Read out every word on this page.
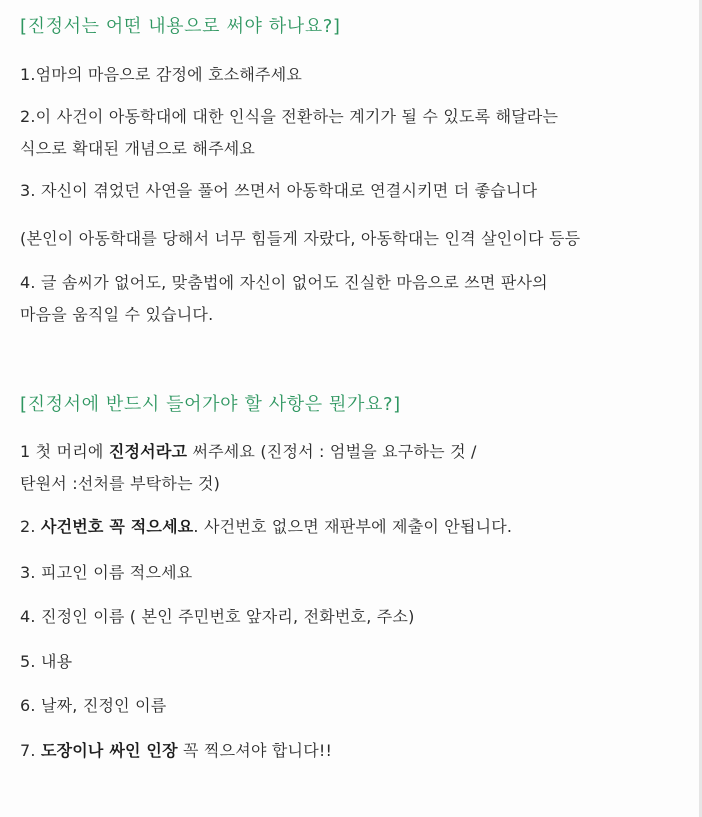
[진정서는 어떤 내용으로 써야 하나요?]
1.엄마의 마음으로 감정에 호소해주세요
2.이 사건이 아동학대에 대한 인식을 전환하는 계기가 될 수 있도록 해달라는
식으로 확대된 개념으로 해주세요
3. 자신이 겪었던 사연을 풀어 쓰면서 아동학대로 연결시키면 더 좋습니다
(본인이 아동학대를 당해서 너무 힘들게 자랐다, 아동학대는 인격 살인이다 등등
4. 글 솜씨가 없어도, 맞춤법에 자신이 없어도 진실한 마음으로 쓰면 판사의
마음을 움직일 수 있습니다.
[진정서에 반드시 들어가야 할 사항은 뭔가요?]
1 첫 머리에 진정서라고 써주세요 (진정서 : 엄벌을 요구하는 것 /
탄원서 :선처를 부탁하는 것)
2. 사건번호 꼭 적으세요. 사건번호 없으면 재판부에 제출이 안됩니다.
3. 피고인 이름 적으세요
4. 진정인 이름 ( 본인 주민번호 앞자리, 전화번호, 주소)
5. 내용
6. 날짜, 진정인 이름
7. 도장이나 싸인 인장 꼭 찍으셔야 합니다!!
